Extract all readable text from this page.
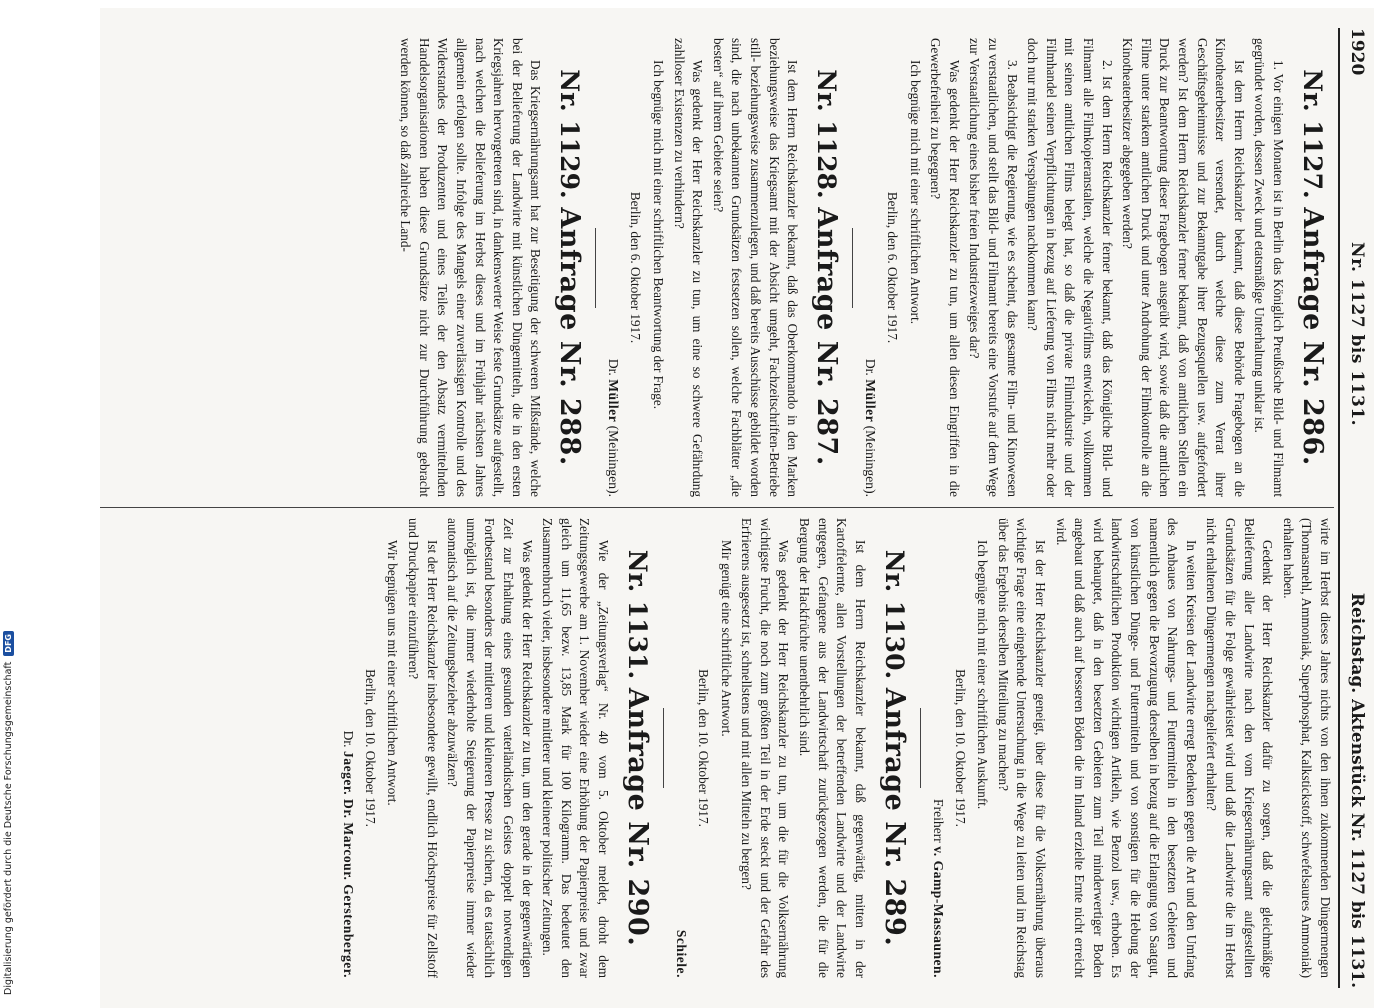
1920
Nr. 1127 bis 1131.
Reichstag. Aktenstück Nr. 1127 bis 1131.
Nr. 1127. Anfrage Nr. 286.

1. Vor einigen Monaten ist in Berlin das Königlich Preußische Bild- und Filmamt gegründet worden, dessen Zweck und etatsmäßige Unterhaltung unklar ist.

Ist dem Herrn Reichskanzler bekannt, daß diese Behörde Fragebogen an die Kinotheaterbesitzer versendet, durch welche diese zum Verrat ihrer Geschäftsgeheimnisse und zur Bekanntgabe ihrer Bezugsquellen usw. aufgefordert werden? Ist dem Herrn Reichskanzler ferner bekannt, daß von amtlichen Stellen ein Druck zur Beantwortung dieser Fragebogen ausgeübt wird, sowie daß die amtlichen Filme unter starkem amtlichen Druck und unter Androhung der Filmkontrolle an die Kinotheaterbesitzer abgegeben werden?

2. Ist dem Herrn Reichskanzler ferner bekannt, daß das Königliche Bild- und Filmamt alle Filmkopieranstalten, welche die Negativfilms entwickeln, vollkommen mit seinen amtlichen Films belegt hat, so daß die private Filmindustrie und der Filmhandel seinen Verpflichtungen in bezug auf Lieferung von Films nicht mehr oder doch nur mit starken Verspätungen nachkommen kann?

3. Beabsichtigt die Regierung, wie es scheint, das gesamte Film- und Kinowesen zu verstaatlichen, und stellt das Bild- und Filmamt bereits eine Vorstufe auf dem Wege zur Verstaatlichung eines bisher freien Industriezweiges dar?

Was gedenkt der Herr Reichskanzler zu tun, um allen diesen Eingriffen in die Gewerbefreiheit zu begegnen?

Ich begnüge mich mit einer schriftlichen Antwort.

Berlin, den 6. Oktober 1917.
Dr. Müller (Meiningen).
Nr. 1128. Anfrage Nr. 287.

Ist dem Herrn Reichskanzler bekannt, daß das Oberkommando in den Marken beziehungsweise das Kriegsamt mit der Absicht umgeht, Fachzeitschriften-Betriebe still- beziehungsweise zusammenzulegen, und daß bereits Ausschüsse gebildet worden sind, die nach unbekannten Grundsätzen festsetzen sollen, welche Fachblätter „die besten“ auf ihrem Gebiete seien?

Was gedenkt der Herr Reichskanzler zu tun, um eine so schwere Gefährdung zahlloser Existenzen zu verhindern?

Ich begnüge mich mit einer schriftlichen Beantwortung der Frage.

Berlin, den 6. Oktober 1917.
Dr. Müller (Meiningen).
Nr. 1129. Anfrage Nr. 288.

Das Kriegsernährungsamt hat zur Beseitigung der schweren Mißstände, welche bei der Belieferung der Landwirte mit künstlichen Düngemitteln, die in den ersten Kriegsjahren hervorgetreten sind, in dankenswerter Weise feste Grundsätze aufgestellt, nach welchen die Belieferung im Herbst dieses und im Frühjahr nächsten Jahres allgemein erfolgen sollte. Infolge des Mangels einer zuverlässigen Kontrolle und des Widerstandes der Produzenten und eines Teiles der den Absatz vermittelnden Handelsorganisationen haben diese Grundsätze nicht zur Durchführung gebracht werden können, so daß zahlreiche Land-

wirte im Herbst dieses Jahres nichts von den ihnen zukommenden Düngermengen (Thomasmehl, Ammoniak, Superphosphat, Kalkstickstoff, schwefelsaures Ammoniak) erhalten haben.

Gedenkt der Herr Reichskanzler dafür zu sorgen, daß die gleichmäßige Belieferung aller Landwirte nach den vom Kriegsernährungsamt aufgestellten Grundsätzen für die Folge gewährleistet wird und daß die Landwirte die im Herbst nicht erhaltenen Düngermengen nachgeliefert erhalten?

In weiten Kreisen der Landwirte erregt Bedenken gegen die Art und den Umfang des Anbaues von Nahrungs- und Futtermitteln in den besetzten Gebieten und namentlich gegen die Bevorzugung derselben in bezug auf die Erlangung von Saatgut, von künstlichen Dünge- und Futtermitteln und von sonstigen für die Hebung der landwirtschaftlichen Produktion wichtigen Artikeln, wie Benzol usw., erhoben. Es wird behauptet, daß in den besetzten Gebieten zum Teil minderwertiger Boden angebaut und daß auch auf besseren Böden die im Inland erzielte Ernte nicht erreicht wird.

Ist der Herr Reichskanzler geneigt, über diese für die Volksernährung überaus wichtige Frage eine eingehende Untersuchung in die Wege zu leiten und im Reichstag über das Ergebnis derselben Mitteilung zu machen?

Ich begnüge mich mit einer schriftlichen Auskunft.

Berlin, den 10. Oktober 1917.
Freiherr v. Gamp-Massaunen.
Nr. 1130. Anfrage Nr. 289.

Ist dem Herrn Reichskanzler bekannt, daß gegenwärtig, mitten in der Kartoffelernte, allen Vorstellungen der betreffenden Landwirte und der Landwirte entgegen, Gefangene aus der Landwirtschaft zurückgezogen werden, die für die Bergung der Hackfrüchte unentbehrlich sind.

Was gedenkt der Herr Reichskanzler zu tun, um die für die Volksernährung wichtigste Frucht, die noch zum größten Teil in der Erde steckt und der Gefahr des Erfrierens ausgesetzt ist, schnellstens und mit allen Mitteln zu bergen?

Mir genügt eine schriftliche Antwort.

Berlin, den 10. Oktober 1917.
Schiele.
Nr. 1131. Anfrage Nr. 290.

Wie der „Zeitungsverlag“ Nr. 40 vom 5. Oktober meldet, droht dem Zeitungsgewerbe am 1. November wieder eine Erhöhung der Papierpreise und zwar gleich um 11,65 bezw. 13,85 Mark für 100 Kilogramm. Das bedeutet den Zusammenbruch vieler, insbesondere mittlerer und kleinerer politischer Zeitungen.

Was gedenkt der Herr Reichskanzler zu tun, um den gerade in der gegenwärtigen Zeit zur Erhaltung eines gesunden vaterländischen Geistes doppelt notwendigen Fortbestand besonders der mittleren und kleineren Presse zu sichern, da es tatsächlich unmöglich ist, die immer wiederholte Steigerung der Papierpreise immer wieder automatisch auf die Zeitungsbezieher abzuwälzen?

Ist der Herr Reichskanzler insbesondere gewillt, endlich Höchstpreise für Zellstoff und Druckpapier einzuführen?

Wir begnügen uns mit einer schriftlichen Antwort.

Berlin, den 10. Oktober 1917.
Dr. Jaeger. Dr. Marcour. Gerstenberger.
Digitalisierung gefördert durch die Deutsche Forschungsgemeinschaft
DFG
